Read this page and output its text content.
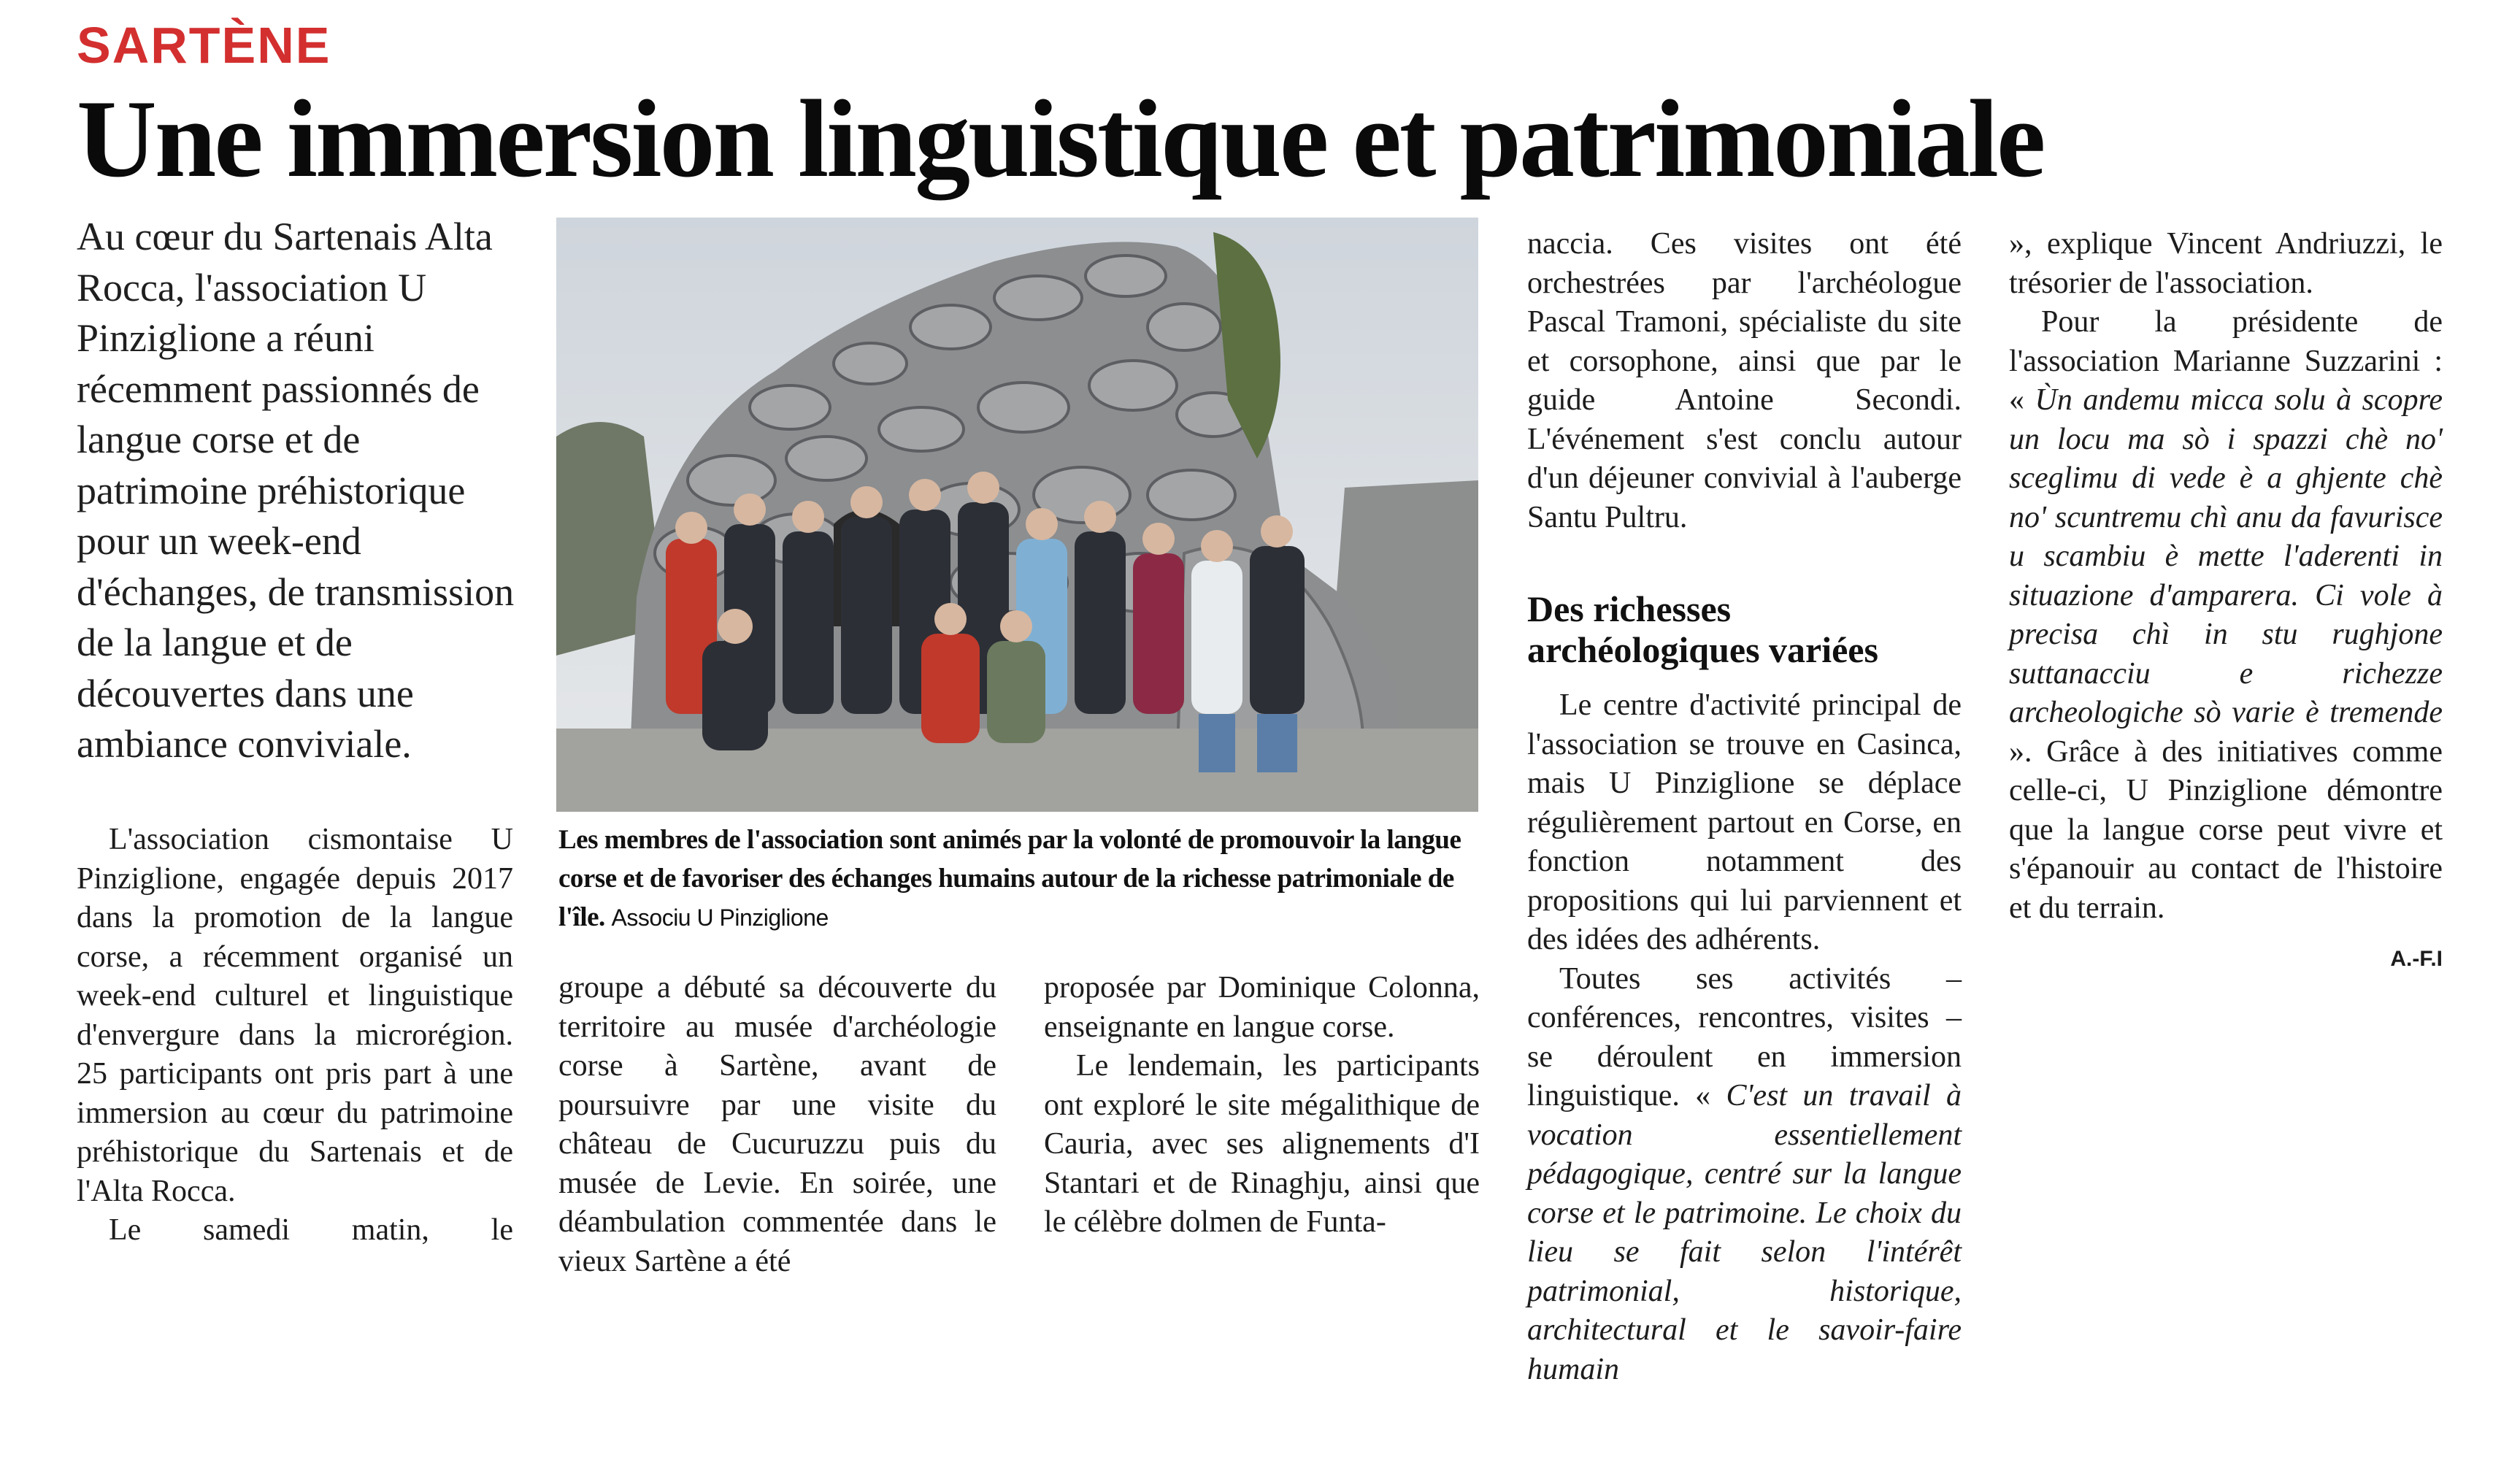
SARTÈNE
Une immersion linguistique et patrimoniale

Au cœur du Sartenais Alta Rocca, l'association U Pinziglione a réuni récemment passionnés de langue corse et de patrimoine préhistorique pour un week-end d'échanges, de transmission de la langue et de découvertes dans une ambiance conviviale.

Les membres de l'association sont animés par la volonté de promouvoir la langue corse et de favoriser des échanges humains autour de la richesse patrimoniale de l'île. Associu U Pinziglione

L'association cismontaise U Pinziglione, engagée depuis 2017 dans la promotion de la langue corse, a récemment organisé un week-end culturel et linguistique d'envergure dans la microrégion. 25 participants ont pris part à une immersion au cœur du patrimoine préhistorique du Sartenais et de l'Alta Rocca.

Le samedi matin, le

groupe a débuté sa découverte du territoire au musée d'archéologie corse à Sartène, avant de poursuivre par une visite du château de Cucuruzzu puis du musée de Levie. En soirée, une déambulation commentée dans le vieux Sartène a été

proposée par Dominique Colonna, enseignante en langue corse.

Le lendemain, les participants ont exploré le site mégalithique de Cauria, avec ses alignements d'I Stantari et de Rinaghju, ainsi que le célèbre dolmen de Funta-

naccia. Ces visites ont été orchestrées par l'archéologue Pascal Tramoni, spécialiste du site et corsophone, ainsi que par le guide Antoine Secondi. L'événement s'est conclu autour d'un déjeuner convivial à l'auberge Santu Pultru.

Des richesses archéologiques variées

Le centre d'activité principal de l'association se trouve en Casinca, mais U Pinziglione se déplace régulièrement partout en Corse, en fonction notamment des propositions qui lui parviennent et des idées des adhérents.

Toutes ses activités – conférences, rencontres, visites – se déroulent en immersion linguistique. « C'est un travail à vocation essentiellement pédagogique, centré sur la langue corse et le patrimoine. Le choix du lieu se fait selon l'intérêt patrimonial, historique, architectural et le savoir-faire humain

», explique Vincent Andriuzzi, le trésorier de l'association.

Pour la présidente de l'association Marianne Suzzarini : « Ùn andemu micca solu à scopre un locu ma sò i spazzi chè no' sceglimu di vede è a ghjente chè no' scuntremu chì anu da favurisce u scambiu è mette l'aderenti in situazione d'amparera. Ci vole à precisa chì in stu rughjone suttanacciu e richezze archeologiche sò varie è tremende ». Grâce à des initiatives comme celle-ci, U Pinziglione démontre que la langue corse peut vivre et s'épanouir au contact de l'histoire et du terrain.

A.-F.I
